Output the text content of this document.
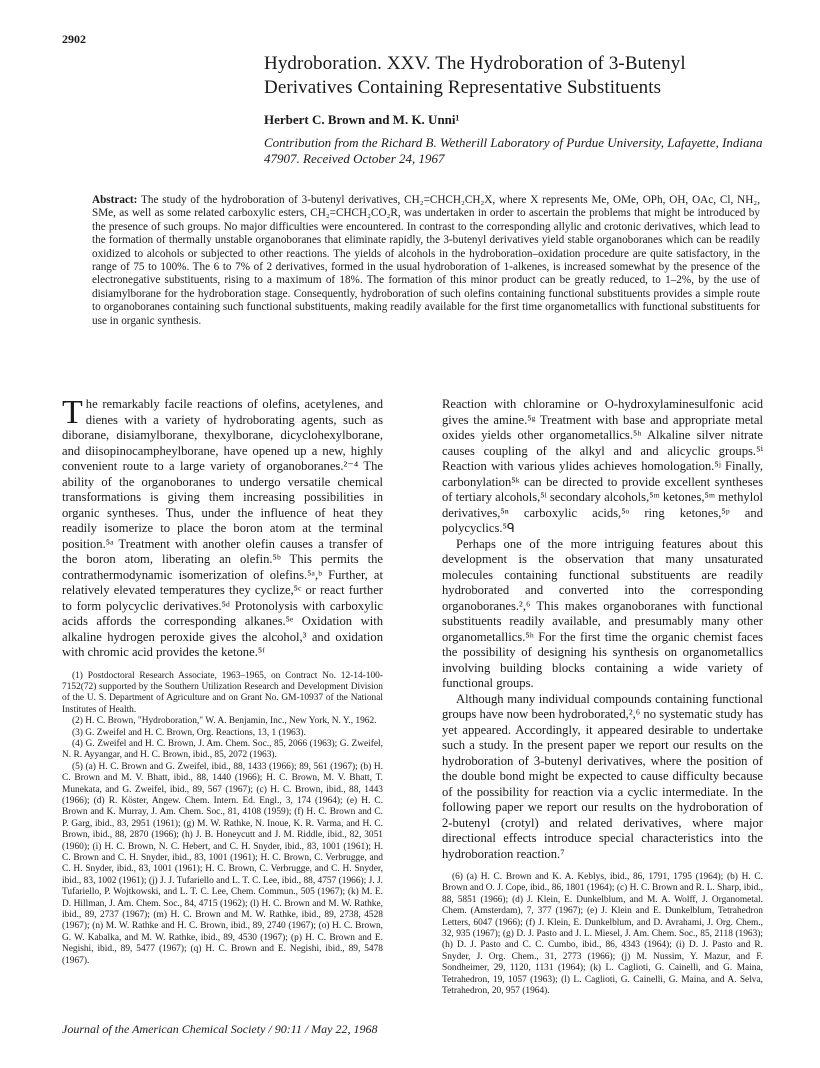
2902
Hydroboration. XXV. The Hydroboration of 3-Butenyl Derivatives Containing Representative Substituents
Herbert C. Brown and M. K. Unni¹
Contribution from the Richard B. Wetherill Laboratory of Purdue University, Lafayette, Indiana 47907. Received October 24, 1967
Abstract: The study of the hydroboration of 3-butenyl derivatives, CH₂=CHCH₂CH₂X, where X represents Me, OMe, OPh, OH, OAc, Cl, NH₂, SMe, as well as some related carboxylic esters, CH₂=CHCH₂CO₂R, was undertaken in order to ascertain the problems that might be introduced by the presence of such groups. No major difficulties were encountered. In contrast to the corresponding allylic and crotonic derivatives, which lead to the formation of thermally unstable organoboranes that eliminate rapidly, the 3-butenyl derivatives yield stable organoboranes which can be readily oxidized to alcohols or subjected to other reactions. The yields of alcohols in the hydroboration–oxidation procedure are quite satisfactory, in the range of 75 to 100%. The 6 to 7% of 2 derivatives, formed in the usual hydroboration of 1-alkenes, is increased somewhat by the presence of the electronegative substituents, rising to a maximum of 18%. The formation of this minor product can be greatly reduced, to 1–2%, by the use of disiamylborane for the hydroboration stage. Consequently, hydroboration of such olefins containing functional substituents provides a simple route to organoboranes containing such functional substituents, making readily available for the first time organometallics with functional substituents for use in organic synthesis.

The remarkably facile reactions of olefins, acetylenes, and dienes with a variety of hydroborating agents, such as diborane, disiamylborane, thexylborane, dicyclohexylborane, and diisopinocampheylborane, have opened up a new, highly convenient route to a large variety of organoboranes.²⁻⁴ The ability of the organoboranes to undergo versatile chemical transformations is giving them increasing possibilities in organic syntheses. Thus, under the influence of heat they readily isomerize to place the boron atom at the terminal position.⁵ᵃ Treatment with another olefin causes a transfer of the boron atom, liberating an olefin.⁵ᵇ This permits the contrathermodynamic isomerization of olefins.⁵ᵃ,ᵇ Further, at relatively elevated temperatures they cyclize,⁵ᶜ or react further to form polycyclic derivatives.⁵ᵈ Protonolysis with carboxylic acids affords the corresponding alkanes.⁵ᵉ Oxidation with alkaline hydrogen peroxide gives the alcohol,³ and oxidation with chromic acid provides the ketone.⁵ᶠ

(1) Postdoctoral Research Associate, 1963–1965, on Contract No. 12-14-100-7152(72) supported by the Southern Utilization Research and Development Division of the U. S. Department of Agriculture and on Grant No. GM-10937 of the National Institutes of Health.

(2) H. C. Brown, "Hydroboration," W. A. Benjamin, Inc., New York, N. Y., 1962.

(3) G. Zweifel and H. C. Brown, Org. Reactions, 13, 1 (1963).

(4) G. Zweifel and H. C. Brown, J. Am. Chem. Soc., 85, 2066 (1963); G. Zweifel, N. R. Ayyangar, and H. C. Brown, ibid., 85, 2072 (1963).

(5) (a) H. C. Brown and G. Zweifel, ibid., 88, 1433 (1966); 89, 561 (1967); (b) H. C. Brown and M. V. Bhatt, ibid., 88, 1440 (1966); H. C. Brown, M. V. Bhatt, T. Munekata, and G. Zweifel, ibid., 89, 567 (1967); (c) H. C. Brown, ibid., 88, 1443 (1966); (d) R. Köster, Angew. Chem. Intern. Ed. Engl., 3, 174 (1964); (e) H. C. Brown and K. Murray, J. Am. Chem. Soc., 81, 4108 (1959); (f) H. C. Brown and C. P. Garg, ibid., 83, 2951 (1961); (g) M. W. Rathke, N. Inoue, K. R. Varma, and H. C. Brown, ibid., 88, 2870 (1966); (h) J. B. Honeycutt and J. M. Riddle, ibid., 82, 3051 (1960); (i) H. C. Brown, N. C. Hebert, and C. H. Snyder, ibid., 83, 1001 (1961); H. C. Brown and C. H. Snyder, ibid., 83, 1001 (1961); H. C. Brown, C. Verbrugge, and C. H. Snyder, ibid., 83, 1001 (1961); H. C. Brown, C. Verbrugge, and C. H. Snyder, ibid., 83, 1002 (1961); (j) J. J. Tufariello and L. T. C. Lee, ibid., 88, 4757 (1966); J. J. Tufariello, P. Wojtkowski, and L. T. C. Lee, Chem. Commun., 505 (1967); (k) M. E. D. Hillman, J. Am. Chem. Soc., 84, 4715 (1962); (l) H. C. Brown and M. W. Rathke, ibid., 89, 2737 (1967); (m) H. C. Brown and M. W. Rathke, ibid., 89, 2738, 4528 (1967); (n) M. W. Rathke and H. C. Brown, ibid., 89, 2740 (1967); (o) H. C. Brown, G. W. Kabalka, and M. W. Rathke, ibid., 89, 4530 (1967); (p) H. C. Brown and E. Negishi, ibid., 89, 5477 (1967); (q) H. C. Brown and E. Negishi, ibid., 89, 5478 (1967).

Reaction with chloramine or O-hydroxylaminesulfonic acid gives the amine.⁵ᵍ Treatment with base and appropriate metal oxides yields other organometallics.⁵ʰ Alkaline silver nitrate causes coupling of the alkyl and and alicyclic groups.⁵ⁱ Reaction with various ylides achieves homologation.⁵ʲ Finally, carbonylation⁵ᵏ can be directed to provide excellent syntheses of tertiary alcohols,⁵ˡ secondary alcohols,⁵ᵐ ketones,⁵ᵐ methylol derivatives,⁵ⁿ carboxylic acids,⁵ᵒ ring ketones,⁵ᵖ and polycyclics.⁵ᑫ

Perhaps one of the more intriguing features about this development is the observation that many unsaturated molecules containing functional substituents are readily hydroborated and converted into the corresponding organoboranes.²,⁶ This makes organoboranes with functional substituents readily available, and presumably many other organometallics.⁵ʰ For the first time the organic chemist faces the possibility of designing his synthesis on organometallics involving building blocks containing a wide variety of functional groups.

Although many individual compounds containing functional groups have now been hydroborated,²,⁶ no systematic study has yet appeared. Accordingly, it appeared desirable to undertake such a study. In the present paper we report our results on the hydroboration of 3-butenyl derivatives, where the position of the double bond might be expected to cause difficulty because of the possibility for reaction via a cyclic intermediate. In the following paper we report our results on the hydroboration of 2-butenyl (crotyl) and related derivatives, where major directional effects introduce special characteristics into the hydroboration reaction.⁷

(6) (a) H. C. Brown and K. A. Keblys, ibid., 86, 1791, 1795 (1964); (b) H. C. Brown and O. J. Cope, ibid., 86, 1801 (1964); (c) H. C. Brown and R. L. Sharp, ibid., 88, 5851 (1966); (d) J. Klein, E. Dunkelblum, and M. A. Wolff, J. Organometal. Chem. (Amsterdam), 7, 377 (1967); (e) J. Klein and E. Dunkelblum, Tetrahedron Letters, 6047 (1966); (f) J. Klein, E. Dunkelblum, and D. Avrahami, J. Org. Chem., 32, 935 (1967); (g) D. J. Pasto and J. L. Miesel, J. Am. Chem. Soc., 85, 2118 (1963); (h) D. J. Pasto and C. C. Cumbo, ibid., 86, 4343 (1964); (i) D. J. Pasto and R. Snyder, J. Org. Chem., 31, 2773 (1966); (j) M. Nussim, Y. Mazur, and F. Sondheimer, 29, 1120, 1131 (1964); (k) L. Caglioti, G. Cainelli, and G. Maina, Tetrahedron, 19, 1057 (1963); (l) L. Caglioti, G. Cainelli, G. Maina, and A. Selva, Tetrahedron, 20, 957 (1964).

Journal of the American Chemical Society / 90:11 / May 22, 1968
